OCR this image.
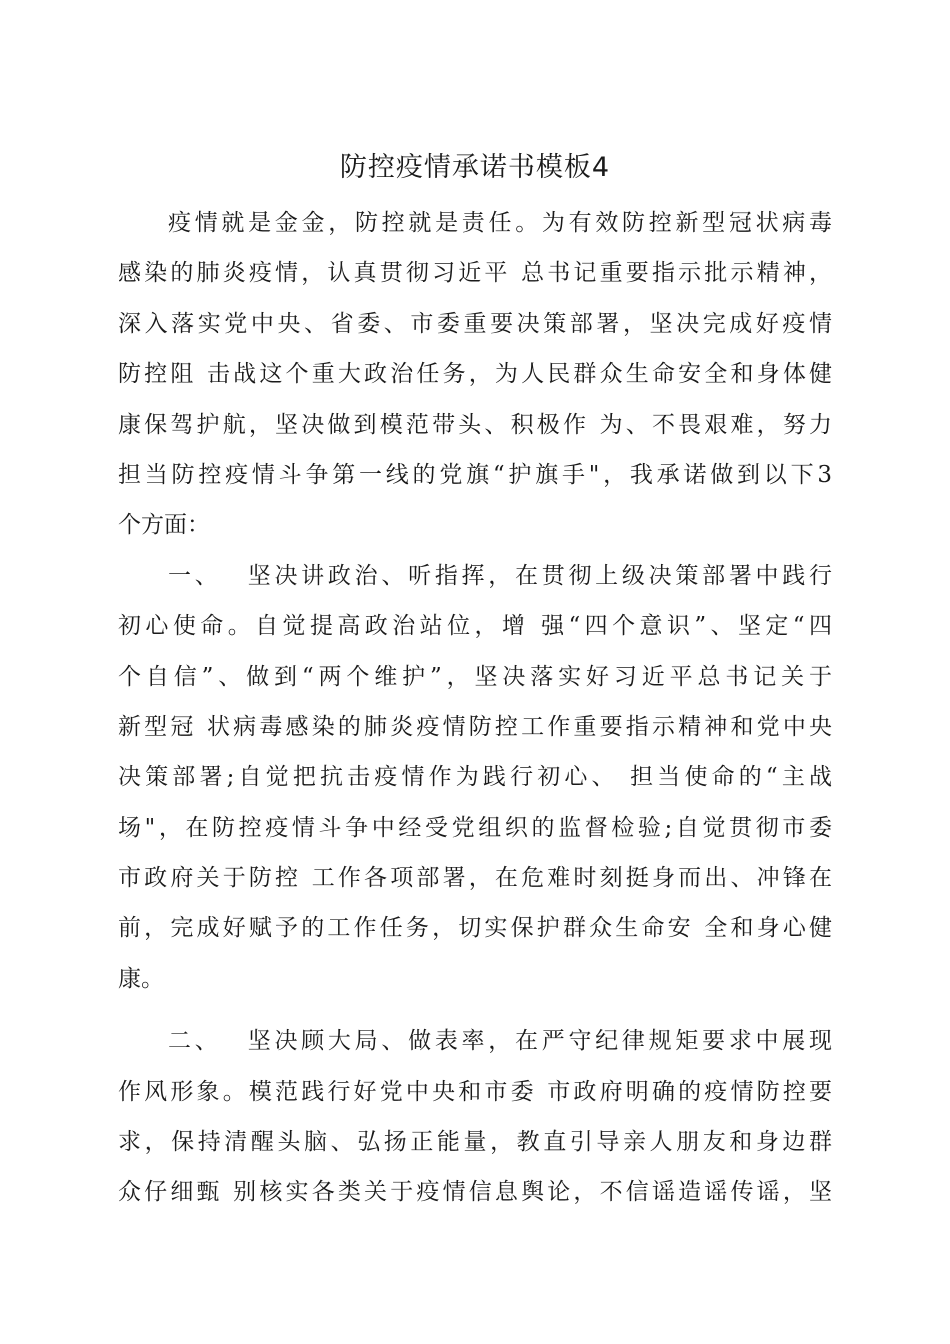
防控疫情承诺书模板4
疫情就是金金，防控就是责任。为有效防控新型冠状病毒
感染的肺炎疫情，认真贯彻习近平 总书记重要指示批示精神，
深入落实党中央、省委、市委重要决策部署，坚决完成好疫情
防控阻 击战这个重大政治任务，为人民群众生命安全和身体健
康保驾护航，坚决做到模范带头、积极作 为、不畏艰难，努力
担当防控疫情斗争第一线的党旗“护旗手"，我承诺做到以下3
个方面：
一、　 坚决讲政治、听指挥，在贯彻上级决策部署中践行
初心使命。自觉提高政治站位，增 强“四个意识”、坚定“四
个自信”、做到“两个维护”，坚决落实好习近平总书记关于
新型冠 状病毒感染的肺炎疫情防控工作重要指示精神和党中央
决策部署;自觉把抗击疫情作为践行初心、 担当使命的“主战
场"，在防控疫情斗争中经受党组织的监督检验;自觉贯彻市委
市政府关于防控 工作各项部署，在危难时刻挺身而出、冲锋在
前，完成好赋予的工作任务，切实保护群众生命安 全和身心健
康。
二、　 坚决顾大局、做表率，在严守纪律规矩要求中展现
作风形象。模范践行好党中央和市委 市政府明确的疫情防控要
求，保持清醒头脑、弘扬正能量，教直引导亲人朋友和身边群
众仔细甄 别核实各类关于疫情信息舆论，不信谣造谣传谣，坚
